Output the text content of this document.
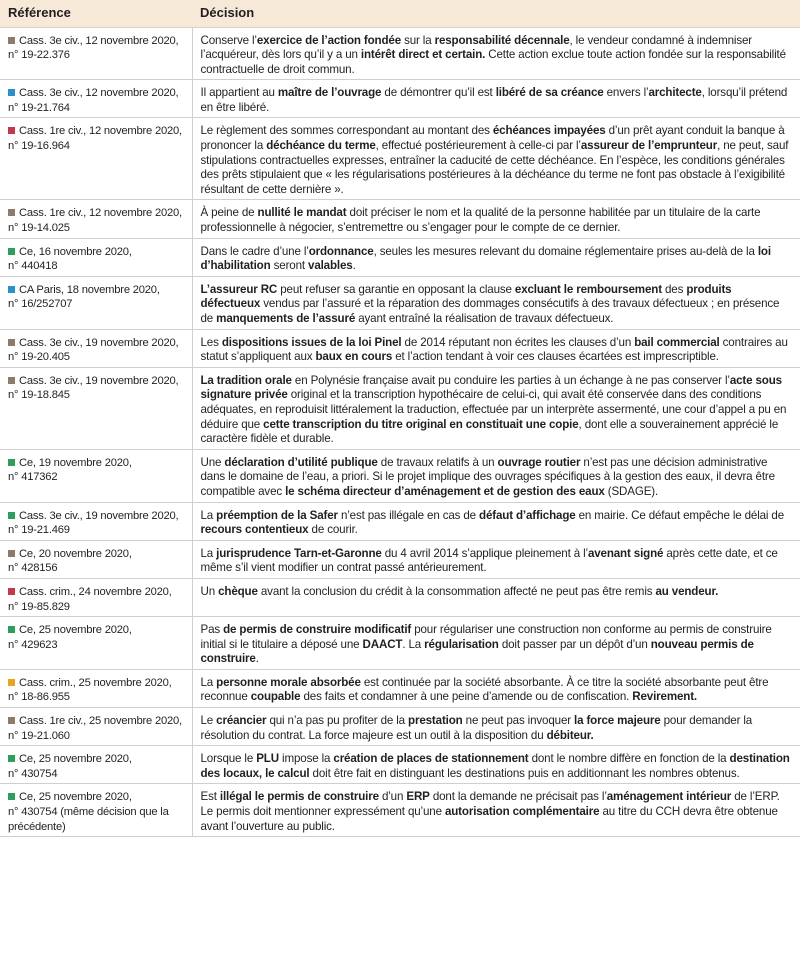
Référence	Décision
Cass. 3e civ., 12 novembre 2020,
n° 19-22.376	Conserve l’exercice de l’action fondée sur la responsabilité décennale, le vendeur condamné à indemniser l’acquéreur, dès lors qu’il y a un intérêt direct et certain. Cette action exclue toute action fondée sur la responsabilité contractuelle de droit commun.
Cass. 3e civ., 12 novembre 2020,
n° 19-21.764	Il appartient au maître de l’ouvrage de démontrer qu’il est libéré de sa créance envers l’architecte, lorsqu’il prétend en être libéré.
Cass. 1re civ., 12 novembre 2020,
n° 19-16.964	Le règlement des sommes correspondant au montant des échéances impayées d’un prêt ayant conduit la banque à prononcer la déchéance du terme, effectué postérieurement à celle-ci par l’assureur de l’emprunteur, ne peut, sauf stipulations contractuelles expresses, entraîner la caducité de cette déchéance. En l’espèce, les conditions générales des prêts stipulaient que « les régularisations postérieures à la déchéance du terme ne font pas obstacle à l’exigibilité résultant de cette dernière ».
Cass. 1re civ., 12 novembre 2020,
n° 19-14.025	À peine de nullité le mandat doit préciser le nom et la qualité de la personne habilitée par un titulaire de la carte professionnelle à négocier, s’entremettre ou s’engager pour le compte de ce dernier.
Ce, 16 novembre 2020,
n° 440418	Dans le cadre d’une l’ordonnance, seules les mesures relevant du domaine réglementaire prises au-delà de la loi d’habilitation seront valables.
CA Paris, 18 novembre 2020,
n° 16/252707	L’assureur RC peut refuser sa garantie en opposant la clause excluant le remboursement des produits défectueux vendus par l’assuré et la réparation des dommages consécutifs à des travaux défectueux ; en présence de manquements de l’assuré ayant entraîné la réalisation de travaux défectueux.
Cass. 3e civ., 19 novembre 2020,
n° 19-20.405	Les dispositions issues de la loi Pinel de 2014 réputant non écrites les clauses d’un bail commercial contraires au statut s’appliquent aux baux en cours et l’action tendant à voir ces clauses écartées est imprescriptible.
Cass. 3e civ., 19 novembre 2020,
n° 19-18.845	La tradition orale en Polynésie française avait pu conduire les parties à un échange à ne pas conserver l’acte sous signature privée original et la transcription hypothécaire de celui-ci, qui avait été conservée dans des conditions adéquates, en reproduisit littéralement la traduction, effectuée par un interprète assermenté, une cour d’appel a pu en déduire que cette transcription du titre original en constituait une copie, dont elle a souverainement apprécié le caractère fidèle et durable.
Ce, 19 novembre 2020,
n° 417362	Une déclaration d’utilité publique de travaux relatifs à un ouvrage routier n’est pas une décision administrative dans le domaine de l’eau, a priori. Si le projet implique des ouvrages spécifiques à la gestion des eaux, il devra être compatible avec le schéma directeur d’aménagement et de gestion des eaux (SDAGE).
Cass. 3e civ., 19 novembre 2020,
n° 19-21.469	La préemption de la Safer n’est pas illégale en cas de défaut d’affichage en mairie. Ce défaut empêche le délai de recours contentieux de courir.
Ce, 20 novembre 2020,
n° 428156	La jurisprudence Tarn-et-Garonne du 4 avril 2014 s’applique pleinement à l’avenant signé après cette date, et ce même s’il vient modifier un contrat passé antérieurement.
Cass. crim., 24 novembre 2020,
n° 19-85.829	Un chèque avant la conclusion du crédit à la consommation affecté ne peut pas être remis au vendeur.
Ce, 25 novembre 2020,
n° 429623	Pas de permis de construire modificatif pour régulariser une construction non conforme au permis de construire initial si le titulaire a déposé une DAACT. La régularisation doit passer par un dépôt d’un nouveau permis de construire.
Cass. crim., 25 novembre 2020,
n° 18-86.955	La personne morale absorbée est continuée par la société absorbante. À ce titre la société absorbante peut être reconnue coupable des faits et condamner à une peine d’amende ou de confiscation. Revirement.
Cass. 1re civ., 25 novembre 2020,
n° 19-21.060	Le créancier qui n’a pas pu profiter de la prestation ne peut pas invoquer la force majeure pour demander la résolution du contrat. La force majeure est un outil à la disposition du débiteur.
Ce, 25 novembre 2020,
n° 430754	Lorsque le PLU impose la création de places de stationnement dont le nombre diffère en fonction de la destination des locaux, le calcul doit être fait en distinguant les destinations puis en additionnant les nombres obtenus.
Ce, 25 novembre 2020,
n° 430754 (même décision que la précédente)	Est illégal le permis de construire d’un ERP dont la demande ne précisait pas l’aménagement intérieur de l’ERP. Le permis doit mentionner expressément qu’une autorisation complémentaire au titre du CCH devra être obtenue avant l’ouverture au public.
